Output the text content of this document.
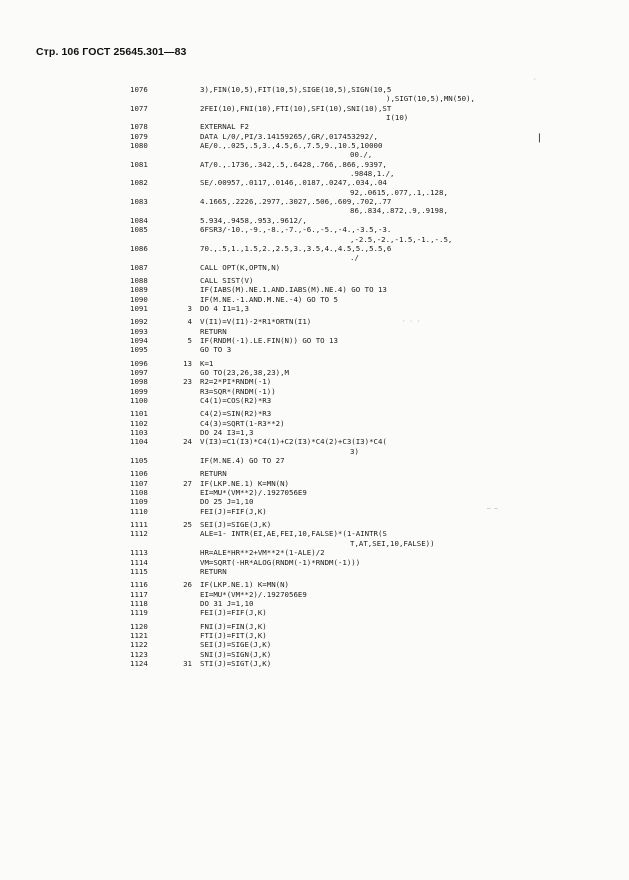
Стр. 106 ГОСТ 25645.301—83
❘
·
· · ·
— —
1076	3),FIN(10,5),FIT(10,5),SIGE(10,5),SIGN(10,5
),SIGT(10,5),MN(50),
1077	2FEI(10),FNI(10),FTI(10),SFI(10),SNI(10),ST
I(10)
1078	EXTERNAL F2
1079	DATA L/0/,PI/3.14159265/,GR/,017453292/,
1080	AE/0.,.025,.5,3.,4.5,6.,7.5,9.,10.5,10000
00./,
1081	AT/0.,.1736,.342,.5,.6428,.766,.866,.9397,
.9848,1./,
1082	SE/.00957,.0117,.0146,.0187,.0247,.034,.04
92,.0615,.077,.1,.128,
1083	4.1665,.2226,.2977,.3027,.506,.609,.702,.77
86,.834,.872,.9,.9198,
1084	5.934,.9458,.953,.9612/,
1085	6FSR3/-10.,-9.,-8.,-7.,-6.,-5.,-4.,-3.5,-3.
,-2.5,-2.,-1.5,-1.,-.5,
1086	70.,.5,1.,1.5,2.,2.5,3.,3.5,4.,4.5,5.,5.5,6
./
1087	CALL OPT(K,OPTN,N)
1088	CALL SIST(V)
1089	IF(IABS(M).NE.1.AND.IABS(M).NE.4) GO TO 13
1090	IF(M.NE.-1.AND.M.NE.-4) GO TO 5
1091	3 DO 4 I1=1,3
1092	4 V(I1)=V(I1)-2*R1*ORTN(I1)
1093	RETURN
1094	5 IF(RNDM(-1).LE.FIN(N)) GO TO 13
1095	GO TO 3
1096	13 K=1
1097	GO TO(23,26,38,23),M
1098	23 R2=2*PI*RNDM(-1)
1099	R3=SQR*(RNDM(-1))
1100	C4(1)=COS(R2)*R3
1101	C4(2)=SIN(R2)*R3
1102	C4(3)=SQRT(1-R3**2)
1103	DO 24 I3=1,3
1104	24 V(I3)=C1(I3)*C4(1)+C2(I3)*C4(2)+C3(I3)*C4(
3)
1105	IF(M.NE.4) GO TO 27
1106	RETURN
1107	27 IF(LKP.NE.1) K=MN(N)
1108	EI=MU*(VM**2)/.1927056E9
1109	DO 25 J=1,10
1110	FEI(J)=FIF(J,K)
1111	25 SEI(J)=SIGE(J,K)
1112	ALE=1- INTR(EI,AE,FEI,10,FALSE)*(1-AINTR(S
T,AT,SEI,10,FALSE))
1113	HR=ALE*HR**2+VM**2*(1-ALE)/2
1114	VM=SQRT(-HR*ALOG(RNDM(-1)*RNDM(-1)))
1115	RETURN
1116	26 IF(LKP.NE.1) K=MN(N)
1117	EI=MU*(VM**2)/.1927056E9
1118	DO 31 J=1,10
1119	FEI(J)=FIF(J,K)
1120	FNI(J)=FIN(J,K)
1121	FTI(J)=FIT(J,K)
1122	SEI(J)=SIGE(J,K)
1123	SNI(J)=SIGN(J,K)
1124	31 STI(J)=SIGT(J,K)
